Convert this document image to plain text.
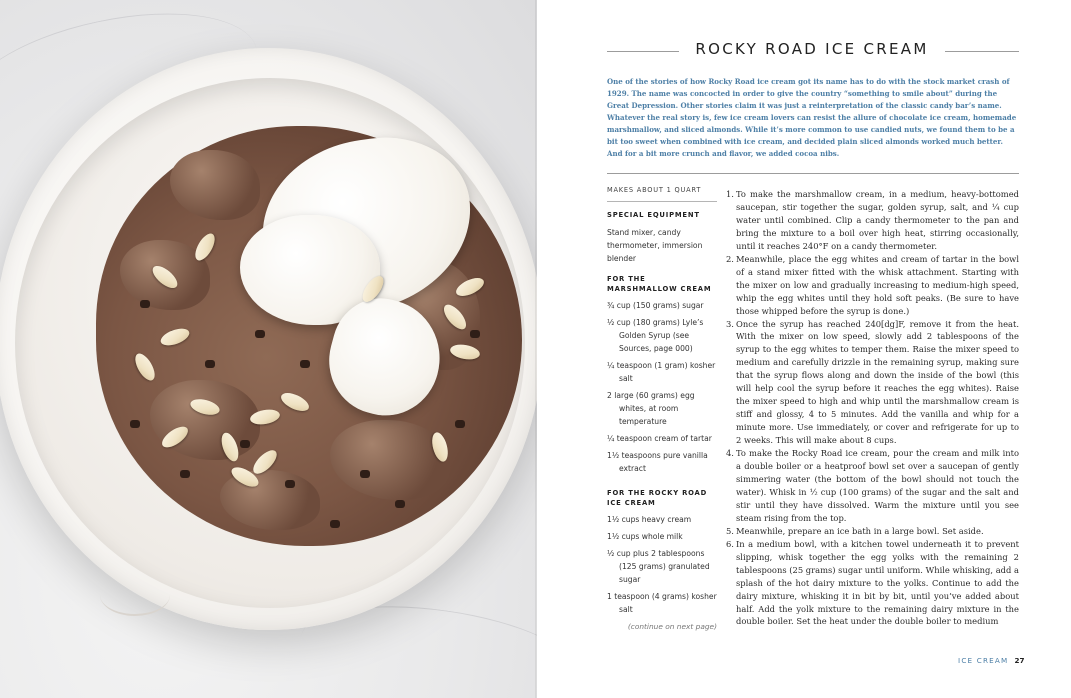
ROCKY ROAD ICE CREAM

One of the stories of how Rocky Road ice cream got its name has to do with the stock market crash of 1929. The name was concocted in order to give the country “something to smile about” during the Great Depression. Other stories claim it was just a reinterpretation of the classic candy bar’s name. Whatever the real story is, few ice cream lovers can resist the allure of chocolate ice cream, homemade marshmallow, and sliced almonds. While it’s more common to use candied nuts, we found them to be a bit too sweet when combined with ice cream, and decided plain sliced almonds worked much better. And for a bit more crunch and flavor, we added cocoa nibs.

MAKES ABOUT 1 QUART

SPECIAL EQUIPMENT

Stand mixer, candy thermometer, immersion blender

FOR THE MARSHMALLOW CREAM

¾ cup (150 grams) sugar

½ cup (180 grams) Lyle’s Golden Syrup (see Sources, page 000)

¼ teaspoon (1 gram) kosher salt

2 large (60 grams) egg whites, at room temperature

¼ teaspoon cream of tartar

1½ teaspoons pure vanilla extract

FOR THE ROCKY ROAD ICE CREAM

1½ cups heavy cream

1½ cups whole milk

½ cup plus 2 tablespoons (125 grams) granulated sugar

1 teaspoon (4 grams) kosher salt

(continue on next page)

1. To make the marshmallow cream, in a medium, heavy-bottomed saucepan, stir together the sugar, golden syrup, salt, and ¼ cup water until combined. Clip a candy thermometer to the pan and bring the mixture to a boil over high heat, stirring occasionally, until it reaches 240°F on a candy thermometer.
2. Meanwhile, place the egg whites and cream of tartar in the bowl of a stand mixer fitted with the whisk attachment. Starting with the mixer on low and gradually increasing to medium-high speed, whip the egg whites until they hold soft peaks. (Be sure to have those whipped before the syrup is done.)
3. Once the syrup has reached 240[dg]F, remove it from the heat. With the mixer on low speed, slowly add 2 tablespoons of the syrup to the egg whites to temper them. Raise the mixer speed to medium and carefully drizzle in the remaining syrup, making sure that the syrup flows along and down the inside of the bowl (this will help cool the syrup before it reaches the egg whites). Raise the mixer speed to high and whip until the marshmallow cream is stiff and glossy, 4 to 5 minutes. Add the vanilla and whip for a minute more. Use immediately, or cover and refrigerate for up to 2 weeks. This will make about 8 cups.
4. To make the Rocky Road ice cream, pour the cream and milk into a double boiler or a heatproof bowl set over a saucepan of gently simmering water (the bottom of the bowl should not touch the water). Whisk in ½ cup (100 grams) of the sugar and the salt and stir until they have dissolved. Warm the mixture until you see steam rising from the top.
5. Meanwhile, prepare an ice bath in a large bowl. Set aside.
6. In a medium bowl, with a kitchen towel underneath it to prevent slipping, whisk together the egg yolks with the remaining 2 tablespoons (25 grams) sugar until uniform. While whisking, add a splash of the hot dairy mixture to the yolks. Continue to add the dairy mixture, whisking it in bit by bit, until you’ve added about half. Add the yolk mixture to the remaining dairy mixture in the double boiler. Set the heat under the double boiler to medium

ICE CREAM 27
